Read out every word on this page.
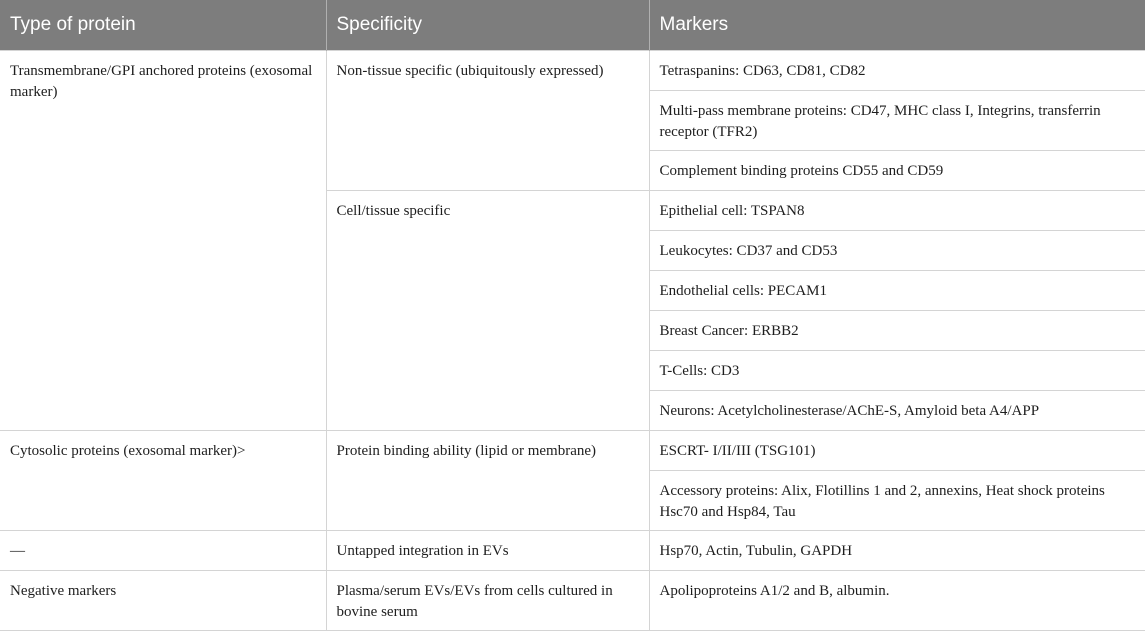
Type of protein	Specificity	Markers
Transmembrane/GPI anchored proteins (exosomal marker)	Non-tissue specific (ubiquitously expressed)	Tetraspanins: CD63, CD81, CD82
		Multi-pass membrane proteins: CD47, MHC class I, Integrins, transferrin receptor (TFR2)
		Complement binding proteins CD55 and CD59
	Cell/tissue specific	Epithelial cell: TSPAN8
		Leukocytes: CD37 and CD53
		Endothelial cells: PECAM1
		Breast Cancer: ERBB2
		T-Cells: CD3
		Neurons: Acetylcholinesterase/AChE-S, Amyloid beta A4/APP
Cytosolic proteins (exosomal marker)>	Protein binding ability (lipid or membrane)	ESCRT- I/II/III (TSG101)
		Accessory proteins: Alix, Flotillins 1 and 2, annexins, Heat shock proteins Hsc70 and Hsp84, Tau
—	Untapped integration in EVs	Hsp70, Actin, Tubulin, GAPDH
Negative markers	Plasma/serum EVs/EVs from cells cultured in bovine serum	Apolipoproteins A1/2 and B, albumin.
